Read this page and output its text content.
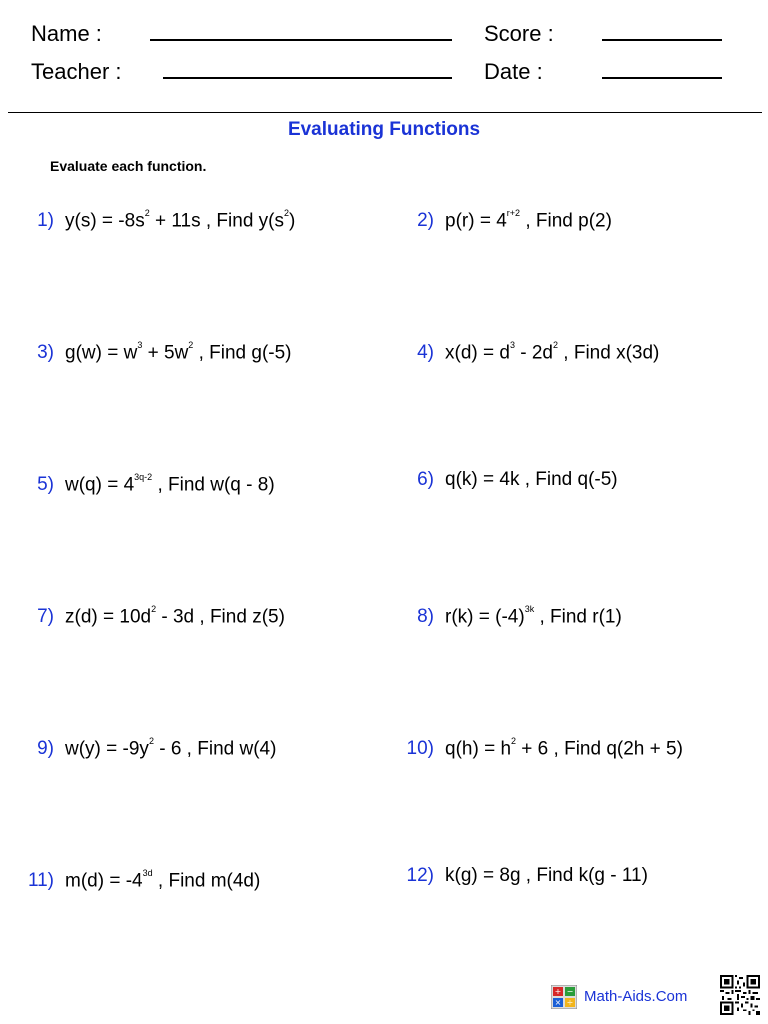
Name :	Score :
Teacher :	Date :
Evaluating Functions
Evaluate each function.
1) $y(s) = -8s^2 + 11s$ , Find $y(s^2)$	2) $p(r) = 4^{r+2}$ , Find p(2)
3) $g(w) = w^3 + 5w^2$ , Find g(-5)	4) $x(d) = d^3 - 2d^2$ , Find x(3d)
5) $w(q) = 4^{3q-2}$ , Find w(q - 8)	6) q(k) = 4k , Find q(-5)
7) $z(d) = 10d^2 - 3d$ , Find z(5)	8) $r(k) = (-4)^{3k}$ , Find r(1)
9) $w(y) = -9y^2 - 6$ , Find w(4)	10) $q(h) = h^2 + 6$ , Find q(2h + 5)
11) $m(d) = -4^{3d}$ , Find m(4d)	12) k(g) = 8g , Find k(g - 11)
+ −
× ÷ Math-Aids.Com
